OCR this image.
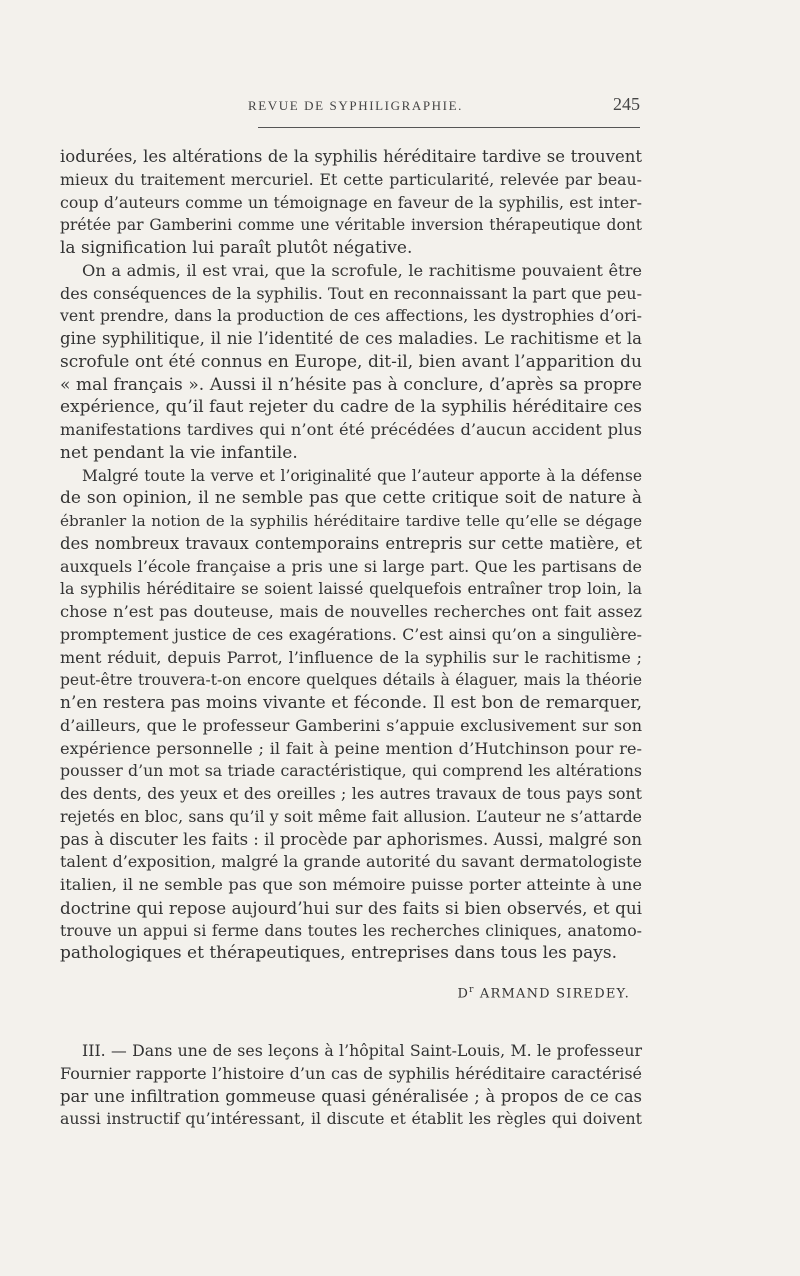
REVUE DE SYPHILIGRAPHIE.	245
iodurées, les altérations de la syphilis héréditaire tardive se trouvent
mieux du traitement mercuriel. Et cette particularité, relevée par beau-
coup d’auteurs comme un témoignage en faveur de la syphilis, est inter-
prétée par Gamberini comme une véritable inversion thérapeutique dont
la signification lui paraît plutôt négative.
On a admis, il est vrai, que la scrofule, le rachitisme pouvaient être
des conséquences de la syphilis. Tout en reconnaissant la part que peu-
vent prendre, dans la production de ces affections, les dystrophies d’ori-
gine syphilitique, il nie l’identité de ces maladies. Le rachitisme et la
scrofule ont été connus en Europe, dit-il, bien avant l’apparition du
« mal français ». Aussi il n’hésite pas à conclure, d’après sa propre
expérience, qu’il faut rejeter du cadre de la syphilis héréditaire ces
manifestations tardives qui n’ont été précédées d’aucun accident plus
net pendant la vie infantile.
Malgré toute la verve et l’originalité que l’auteur apporte à la défense
de son opinion, il ne semble pas que cette critique soit de nature à
ébranler la notion de la syphilis héréditaire tardive telle qu’elle se dégage
des nombreux travaux contemporains entrepris sur cette matière, et
auxquels l’école française a pris une si large part. Que les partisans de
la syphilis héréditaire se soient laissé quelquefois entraîner trop loin, la
chose n’est pas douteuse, mais de nouvelles recherches ont fait assez
promptement justice de ces exagérations. C’est ainsi qu’on a singulière-
ment réduit, depuis Parrot, l’influence de la syphilis sur le rachitisme ;
peut-être trouvera-t-on encore quelques détails à élaguer, mais la théorie
n’en restera pas moins vivante et féconde. Il est bon de remarquer,
d’ailleurs, que le professeur Gamberini s’appuie exclusivement sur son
expérience personnelle ; il fait à peine mention d’Hutchinson pour re-
pousser d’un mot sa triade caractéristique, qui comprend les altérations
des dents, des yeux et des oreilles ; les autres travaux de tous pays sont
rejetés en bloc, sans qu’il y soit même fait allusion. L’auteur ne s’attarde
pas à discuter les faits : il procède par aphorismes. Aussi, malgré son
talent d’exposition, malgré la grande autorité du savant dermatologiste
italien, il ne semble pas que son mémoire puisse porter atteinte à une
doctrine qui repose aujourd’hui sur des faits si bien observés, et qui
trouve un appui si ferme dans toutes les recherches cliniques, anatomo-
pathologiques et thérapeutiques, entreprises dans tous les pays.
$D^r$ ARMAND SIREDEY.
III. — Dans une de ses leçons à l’hôpital Saint-Louis, M. le professeur
Fournier rapporte l’histoire d’un cas de syphilis héréditaire caractérisé
par une infiltration gommeuse quasi généralisée ; à propos de ce cas
aussi instructif qu’intéressant, il discute et établit les règles qui doivent
